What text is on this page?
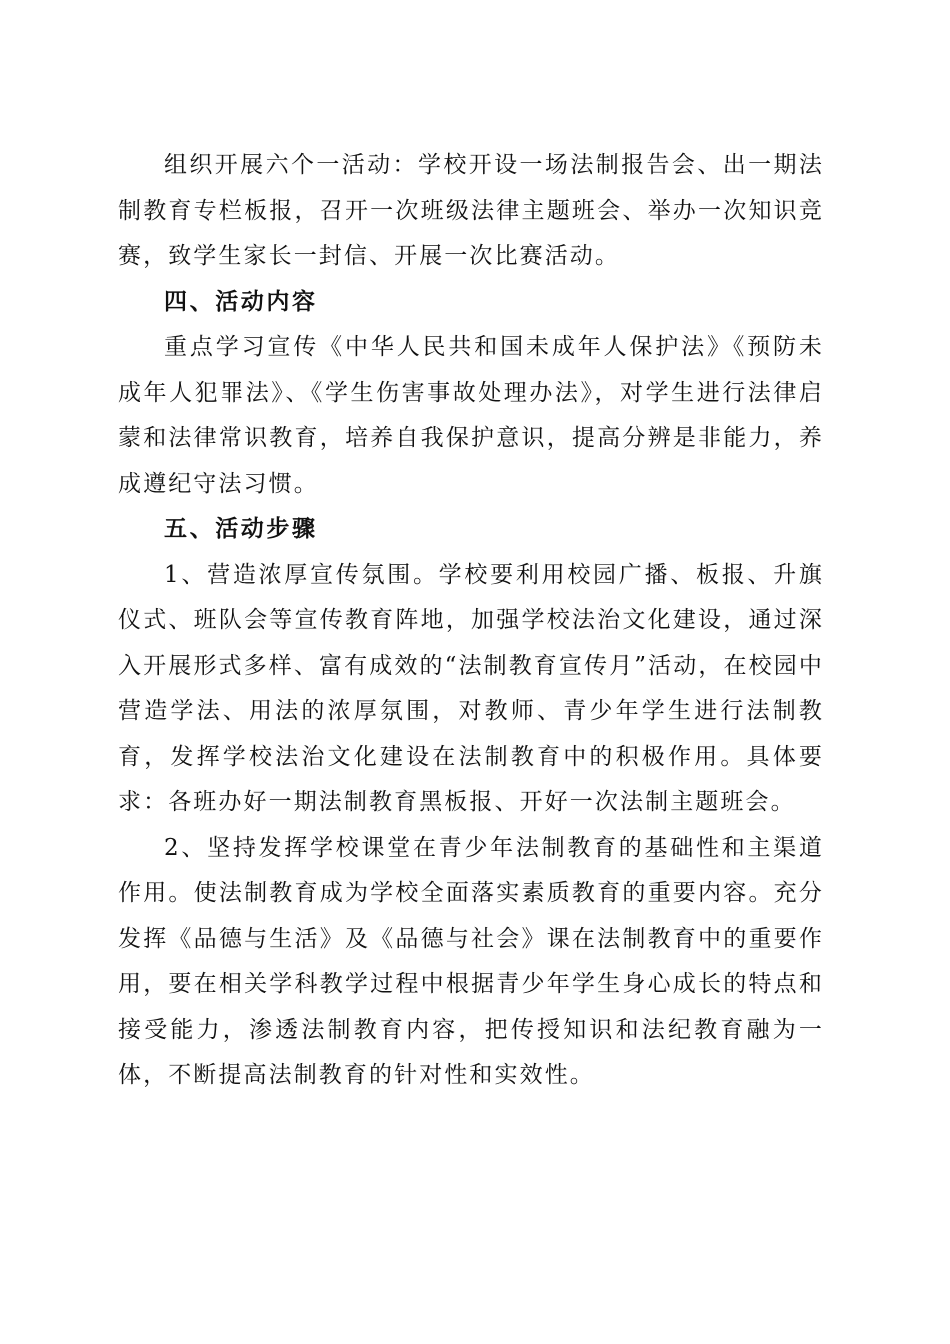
组织开展六个一活动：学校开设一场法制报告会、出一期法制教育专栏板报，召开一次班级法律主题班会、举办一次知识竞赛，致学生家长一封信、开展一次比赛活动。

四、活动内容

重点学习宣传《中华人民共和国未成年人保护法》《预防未成年人犯罪法》、《学生伤害事故处理办法》，对学生进行法律启蒙和法律常识教育，培养自我保护意识，提高分辨是非能力，养成遵纪守法习惯。

五、活动步骤

1、营造浓厚宣传氛围。学校要利用校园广播、板报、升旗仪式、班队会等宣传教育阵地，加强学校法治文化建设，通过深入开展形式多样、富有成效的“法制教育宣传月”活动，在校园中营造学法、用法的浓厚氛围，对教师、青少年学生进行法制教育，发挥学校法治文化建设在法制教育中的积极作用。具体要求：各班办好一期法制教育黑板报、开好一次法制主题班会。

2、坚持发挥学校课堂在青少年法制教育的基础性和主渠道作用。使法制教育成为学校全面落实素质教育的重要内容。充分发挥《品德与生活》及《品德与社会》课在法制教育中的重要作用，要在相关学科教学过程中根据青少年学生身心成长的特点和接受能力，渗透法制教育内容，把传授知识和法纪教育融为一体，不断提高法制教育的针对性和实效性。
